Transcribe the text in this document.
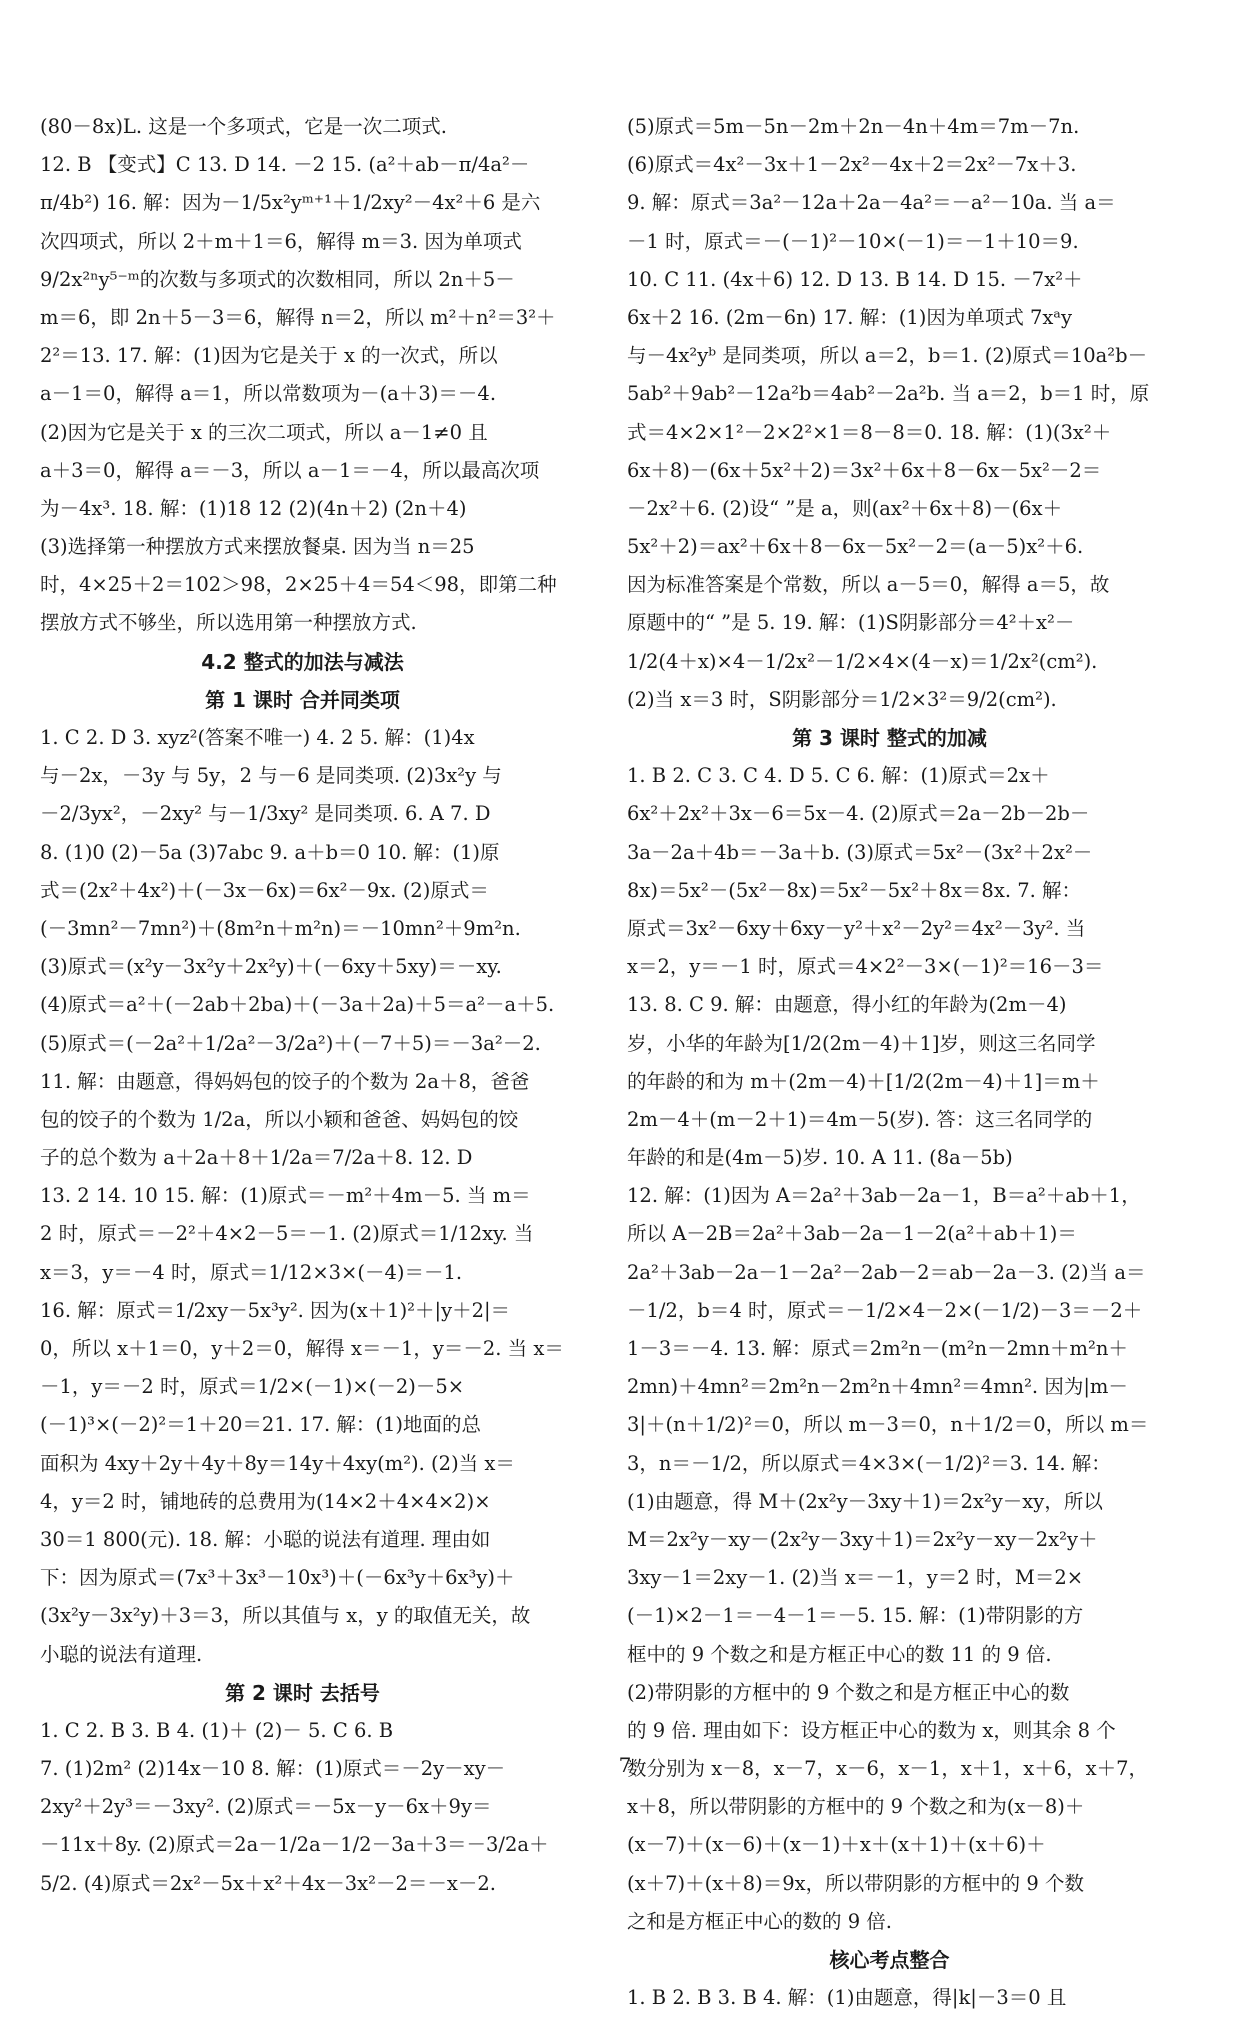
(80－8x)L. 这是一个多项式，它是一次二项式.
12. B 【变式】C 13. D 14. －2 15. (a²＋ab－π/4a²－
π/4b²) 16. 解：因为－1/5x²yᵐ⁺¹＋1/2xy²－4x²＋6 是六
次四项式，所以 2＋m＋1＝6，解得 m＝3. 因为单项式
9/2x²ⁿy⁵⁻ᵐ的次数与多项式的次数相同，所以 2n＋5－
m＝6，即 2n＋5－3＝6，解得 n＝2，所以 m²＋n²＝3²＋
2²＝13. 17. 解：(1)因为它是关于 x 的一次式，所以
a－1＝0，解得 a＝1，所以常数项为－(a＋3)＝－4.
(2)因为它是关于 x 的三次二项式，所以 a－1≠0 且
a＋3＝0，解得 a＝－3，所以 a－1＝－4，所以最高次项
为－4x³. 18. 解：(1)18 12 (2)(4n＋2) (2n＋4)
(3)选择第一种摆放方式来摆放餐桌. 因为当 n＝25
时，4×25＋2＝102＞98，2×25＋4＝54＜98，即第二种
摆放方式不够坐，所以选用第一种摆放方式.
4.2 整式的加法与减法
第 1 课时 合并同类项
1. C 2. D 3. xyz²(答案不唯一) 4. 2 5. 解：(1)4x
与－2x，－3y 与 5y，2 与－6 是同类项. (2)3x²y 与
－2/3yx²，－2xy² 与－1/3xy² 是同类项. 6. A 7. D
8. (1)0 (2)－5a (3)7abc 9. a＋b＝0 10. 解：(1)原
式＝(2x²＋4x²)＋(－3x－6x)＝6x²－9x. (2)原式＝
(－3mn²－7mn²)＋(8m²n＋m²n)＝－10mn²＋9m²n.
(3)原式＝(x²y－3x²y＋2x²y)＋(－6xy＋5xy)＝－xy.
(4)原式＝a²＋(－2ab＋2ba)＋(－3a＋2a)＋5＝a²－a＋5.
(5)原式＝(－2a²＋1/2a²－3/2a²)＋(－7＋5)＝－3a²－2.
11. 解：由题意，得妈妈包的饺子的个数为 2a＋8，爸爸
包的饺子的个数为 1/2a，所以小颖和爸爸、妈妈包的饺
子的总个数为 a＋2a＋8＋1/2a＝7/2a＋8. 12. D
13. 2 14. 10 15. 解：(1)原式＝－m²＋4m－5. 当 m＝
2 时，原式＝－2²＋4×2－5＝－1. (2)原式＝1/12xy. 当
x＝3，y＝－4 时，原式＝1/12×3×(－4)＝－1.
16. 解：原式＝1/2xy－5x³y². 因为(x＋1)²＋|y＋2|＝
0，所以 x＋1＝0，y＋2＝0，解得 x＝－1，y＝－2. 当 x＝
－1，y＝－2 时，原式＝1/2×(－1)×(－2)－5×
(－1)³×(－2)²＝1＋20＝21. 17. 解：(1)地面的总
面积为 4xy＋2y＋4y＋8y＝14y＋4xy(m²). (2)当 x＝
4，y＝2 时，铺地砖的总费用为(14×2＋4×4×2)×
30＝1 800(元). 18. 解：小聪的说法有道理. 理由如
下：因为原式＝(7x³＋3x³－10x³)＋(－6x³y＋6x³y)＋
(3x²y－3x²y)＋3＝3，所以其值与 x，y 的取值无关，故
小聪的说法有道理.
第 2 课时 去括号
1. C 2. B 3. B 4. (1)＋ (2)－ 5. C 6. B
7. (1)2m² (2)14x－10 8. 解：(1)原式＝－2y－xy－
2xy²＋2y³＝－3xy². (2)原式＝－5x－y－6x＋9y＝
－11x＋8y. (2)原式＝2a－1/2a－1/2－3a＋3＝－3/2a＋
5/2. (4)原式＝2x²－5x＋x²＋4x－3x²－2＝－x－2.
(5)原式＝5m－5n－2m＋2n－4n＋4m＝7m－7n.
(6)原式＝4x²－3x＋1－2x²－4x＋2＝2x²－7x＋3.
9. 解：原式＝3a²－12a＋2a－4a²＝－a²－10a. 当 a＝
－1 时，原式＝－(－1)²－10×(－1)＝－1＋10＝9.
10. C 11. (4x＋6) 12. D 13. B 14. D 15. －7x²＋
6x＋2 16. (2m－6n) 17. 解：(1)因为单项式 7xᵃy
与－4x²yᵇ 是同类项，所以 a＝2，b＝1. (2)原式＝10a²b－
5ab²＋9ab²－12a²b＝4ab²－2a²b. 当 a＝2，b＝1 时，原
式＝4×2×1²－2×2²×1＝8－8＝0. 18. 解：(1)(3x²＋
6x＋8)－(6x＋5x²＋2)＝3x²＋6x＋8－6x－5x²－2＝
－2x²＋6. (2)设“ ”是 a，则(ax²＋6x＋8)－(6x＋
5x²＋2)＝ax²＋6x＋8－6x－5x²－2＝(a－5)x²＋6.
因为标准答案是个常数，所以 a－5＝0，解得 a＝5，故
原题中的“ ”是 5. 19. 解：(1)S阴影部分＝4²＋x²－
1/2(4＋x)×4－1/2x²－1/2×4×(4－x)＝1/2x²(cm²).
(2)当 x＝3 时，S阴影部分＝1/2×3²＝9/2(cm²).
第 3 课时 整式的加减
1. B 2. C 3. C 4. D 5. C 6. 解：(1)原式＝2x＋
6x²＋2x²＋3x－6＝5x－4. (2)原式＝2a－2b－2b－
3a－2a＋4b＝－3a＋b. (3)原式＝5x²－(3x²＋2x²－
8x)＝5x²－(5x²－8x)＝5x²－5x²＋8x＝8x. 7. 解：
原式＝3x²－6xy＋6xy－y²＋x²－2y²＝4x²－3y². 当
x＝2，y＝－1 时，原式＝4×2²－3×(－1)²＝16－3＝
13. 8. C 9. 解：由题意，得小红的年龄为(2m－4)
岁，小华的年龄为[1/2(2m－4)＋1]岁，则这三名同学
的年龄的和为 m＋(2m－4)＋[1/2(2m－4)＋1]＝m＋
2m－4＋(m－2＋1)＝4m－5(岁). 答：这三名同学的
年龄的和是(4m－5)岁. 10. A 11. (8a－5b)
12. 解：(1)因为 A＝2a²＋3ab－2a－1，B＝a²＋ab＋1，
所以 A－2B＝2a²＋3ab－2a－1－2(a²＋ab＋1)＝
2a²＋3ab－2a－1－2a²－2ab－2＝ab－2a－3. (2)当 a＝
－1/2，b＝4 时，原式＝－1/2×4－2×(－1/2)－3＝－2＋
1－3＝－4. 13. 解：原式＝2m²n－(m²n－2mn＋m²n＋
2mn)＋4mn²＝2m²n－2m²n＋4mn²＝4mn². 因为|m－
3|＋(n＋1/2)²＝0，所以 m－3＝0，n＋1/2＝0，所以 m＝
3，n＝－1/2，所以原式＝4×3×(－1/2)²＝3. 14. 解：
(1)由题意，得 M＋(2x²y－3xy＋1)＝2x²y－xy，所以
M＝2x²y－xy－(2x²y－3xy＋1)＝2x²y－xy－2x²y＋
3xy－1＝2xy－1. (2)当 x＝－1，y＝2 时，M＝2×
(－1)×2－1＝－4－1＝－5. 15. 解：(1)带阴影的方
框中的 9 个数之和是方框正中心的数 11 的 9 倍.
(2)带阴影的方框中的 9 个数之和是方框正中心的数
的 9 倍. 理由如下：设方框正中心的数为 x，则其余 8 个
数分别为 x－8，x－7，x－6，x－1，x＋1，x＋6，x＋7，
x＋8，所以带阴影的方框中的 9 个数之和为(x－8)＋
(x－7)＋(x－6)＋(x－1)＋x＋(x＋1)＋(x＋6)＋
(x＋7)＋(x＋8)＝9x，所以带阴影的方框中的 9 个数
之和是方框正中心的数的 9 倍.
核心考点整合
1. B 2. B 3. B 4. 解：(1)由题意，得|k|－3＝0 且
7
